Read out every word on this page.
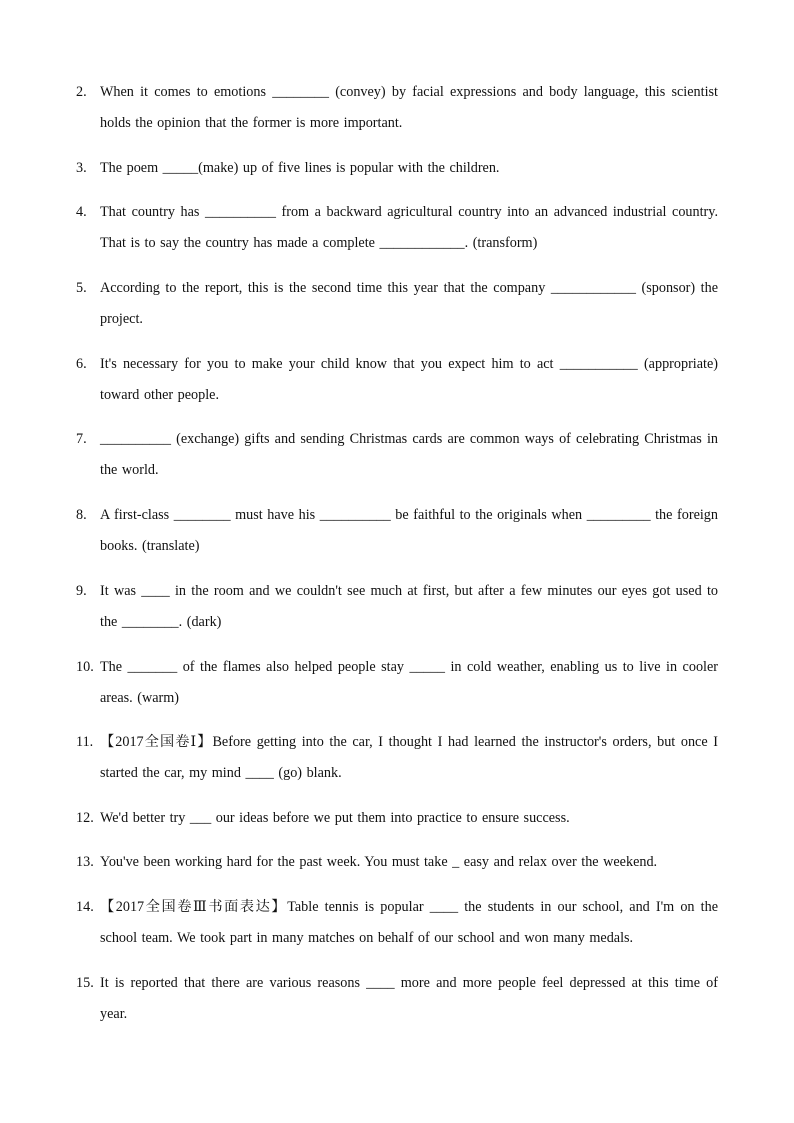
2. When it comes to emotions ________ (convey) by facial expressions and body language, this scientist holds the opinion that the former is more important.
3. The poem _____(make) up of five lines is popular with the children.
4. That country has __________ from a backward agricultural country into an advanced industrial country. That is to say the country has made a complete ____________. (transform)
5. According to the report, this is the second time this year that the company ____________ (sponsor) the project.
6. It's necessary for you to make your child know that you expect him to act ___________ (appropriate) toward other people.
7. __________ (exchange) gifts and sending Christmas cards are common ways of celebrating Christmas in the world.
8. A first-class ________ must have his __________ be faithful to the originals when _________ the foreign books. (translate)
9. It was ____ in the room and we couldn't see much at first, but after a few minutes our eyes got used to the ________. (dark)
10. The _______ of the flames also helped people stay _____ in cold weather, enabling us to live in cooler areas. (warm)
11. 【2017全国卷Ⅰ】Before getting into the car, I thought I had learned the instructor's orders, but once I started the car, my mind ____ (go) blank.
12. We'd better try ___ our ideas before we put them into practice to ensure success.
13. You've been working hard for the past week. You must take _ easy and relax over the weekend.
14. 【2017全国卷Ⅲ书面表达】Table tennis is popular ____ the students in our school, and I'm on the school team. We took part in many matches on behalf of our school and won many medals.
15. It is reported that there are various reasons ____ more and more people feel depressed at this time of year.
